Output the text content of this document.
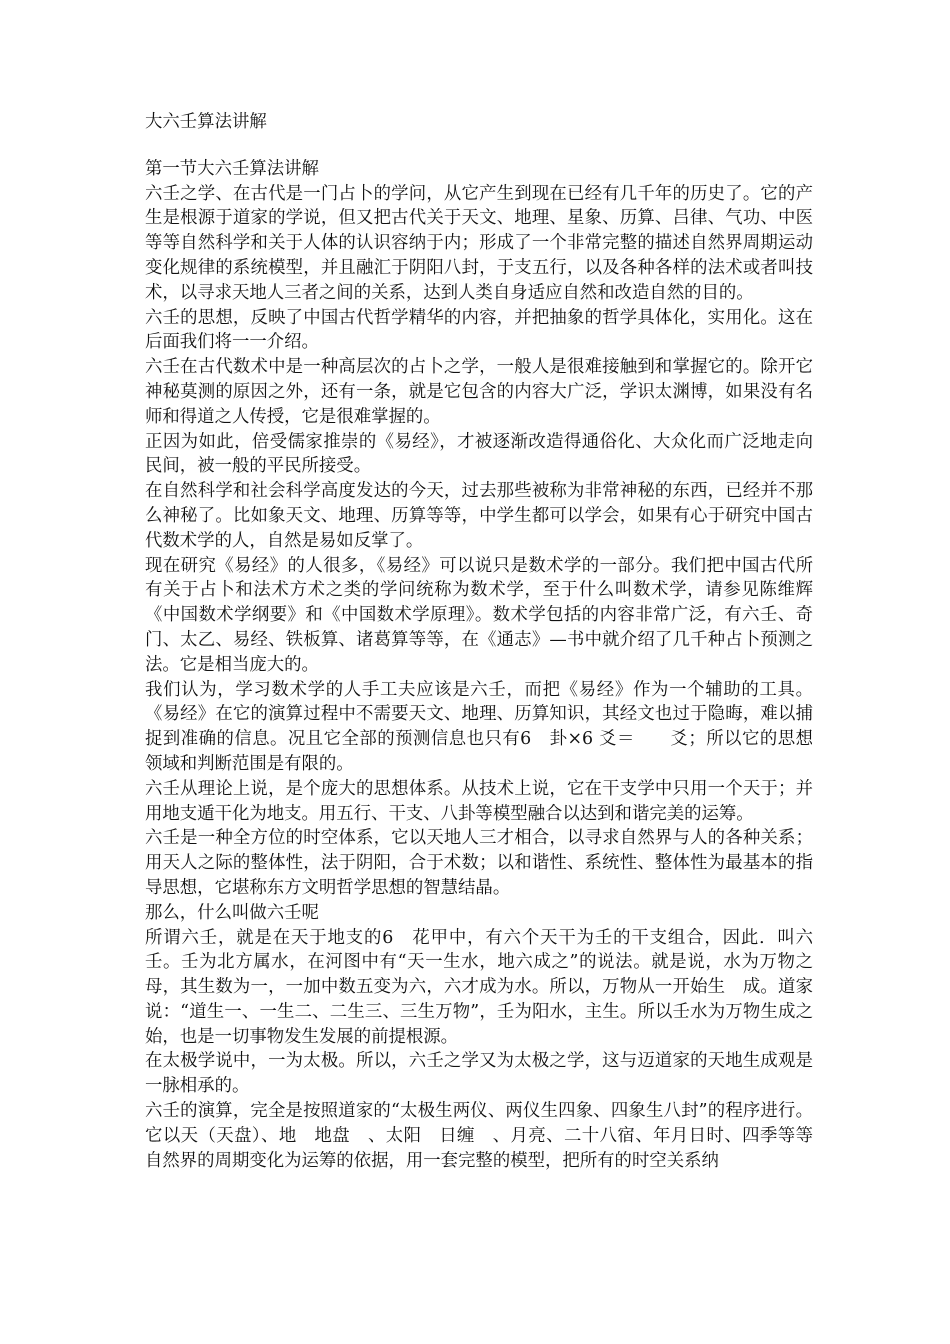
大六壬算法讲解

第一节大六壬算法讲解

六壬之学、在古代是一门占卜的学问，从它产生到现在已经有几千年的历史了。它的产生是根源于道家的学说，但又把古代关于天文、地理、星象、历算、吕律、气功、中医等等自然科学和关于人体的认识容纳于内；形成了一个非常完整的描述自然界周期运动变化规律的系统模型，并且融汇于阴阳八封，于支五行，以及各种各样的法术或者叫技术，以寻求天地人三者之间的关系，达到人类自身适应自然和改造自然的目的。

六壬的思想，反映了中国古代哲学精华的内容，并把抽象的哲学具体化，实用化。这在后面我们将一一介绍。

六壬在古代数术中是一种高层次的占卜之学，一般人是很难接触到和掌握它的。除开它神秘莫测的原因之外，还有一条，就是它包含的内容大广泛，学识太渊博，如果没有名师和得道之人传授，它是很难掌握的。

正因为如此，倍受儒家推崇的《易经》，才被逐渐改造得通俗化、大众化而广泛地走向民间，被一般的平民所接受。

在自然科学和社会科学高度发达的今天，过去那些被称为非常神秘的东西，已经并不那么神秘了。比如象天文、地理、历算等等，中学生都可以学会，如果有心于研究中国古代数术学的人，自然是易如反掌了。

现在研究《易经》的人很多，《易经》可以说只是数术学的一部分。我们把中国古代所有关于占卜和法术方术之类的学问统称为数术学，至于什么叫数术学，请参见陈维辉《中国数术学纲要》和《中国数术学原理》。数术学包括的内容非常广泛，有六壬、奇门、太乙、易经、铁板算、诸葛算等等，在《通志》—书中就介绍了几千种占卜预测之法。它是相当庞大的。

我们认为，学习数术学的人手工夫应该是六壬，而把《易经》作为一个辅助的工具。《易经》在它的演算过程中不需要天文、地理、历算知识，其经文也过于隐晦，难以捕捉到准确的信息。况且它全部的预测信息也只有6　卦×6 爻＝　　爻；所以它的思想领域和判断范围是有限的。

六壬从理论上说，是个庞大的思想体系。从技术上说，它在干支学中只用一个天于；并用地支遁干化为地支。用五行、干支、八卦等模型融合以达到和谐完美的运筹。

六壬是一种全方位的时空体系，它以天地人三才相合，以寻求自然界与人的各种关系；用天人之际的整体性，法于阴阳，合于术数；以和谐性、系统性、整体性为最基本的指导思想，它堪称东方文明哲学思想的智慧结晶。

那么，什么叫做六壬呢

所谓六壬，就是在天于地支的6　花甲中，有六个天干为壬的干支组合，因此．叫六壬。壬为北方属水，在河图中有“天一生水，地六成之”的说法。就是说，水为万物之母，其生数为一，一加中数五变为六，六才成为水。所以，万物从一开始生　成。道家说：“道生一、一生二、二生三、三生万物”，壬为阳水，主生。所以壬水为万物生成之始，也是一切事物发生发展的前提根源。

在太极学说中，一为太极。所以，六壬之学又为太极之学，这与迈道家的天地生成观是一脉相承的。

六壬的演算，完全是按照道家的“太极生两仪、两仪生四象、四象生八封”的程序进行。它以天（天盘）、地　地盘　、太阳　日缠　、月亮、二十八宿、年月日时、四季等等自然界的周期变化为运筹的依据，用一套完整的模型，把所有的时空关系纳
